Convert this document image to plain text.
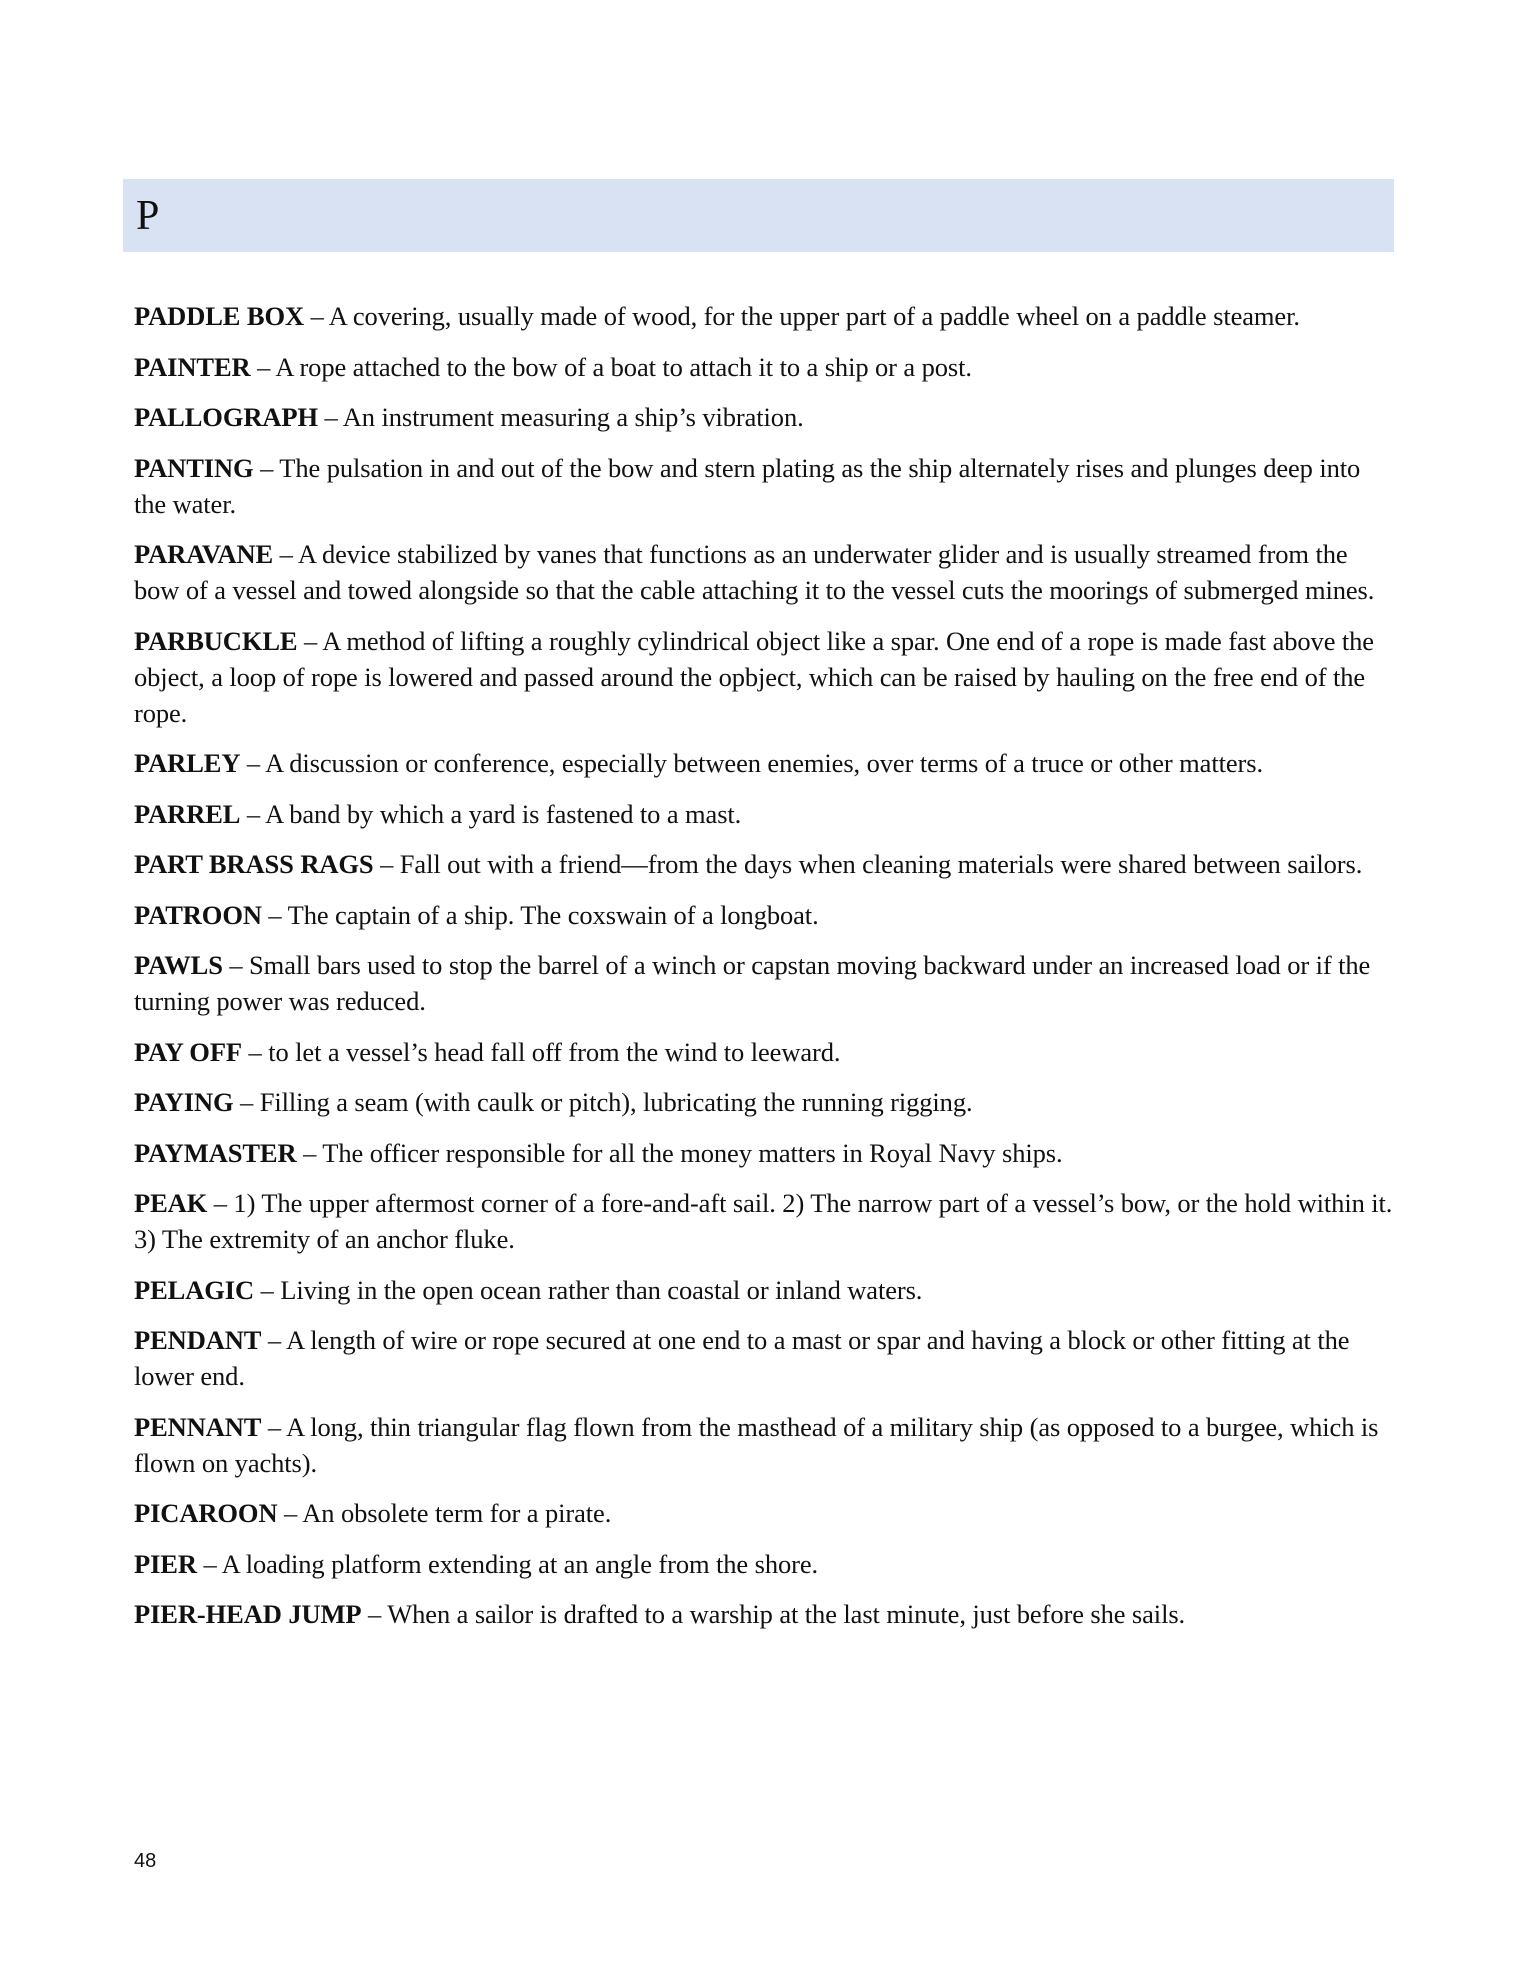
P

PADDLE BOX – A covering, usually made of wood, for the upper part of a paddle wheel on a paddle steamer.

PAINTER – A rope attached to the bow of a boat to attach it to a ship or a post.

PALLOGRAPH – An instrument measuring a ship’s vibration.

PANTING – The pulsation in and out of the bow and stern plating as the ship alternately rises and plunges deep into the water.

PARAVANE – A device stabilized by vanes that functions as an underwater glider and is usually streamed from the bow of a vessel and towed alongside so that the cable attaching it to the vessel cuts the moorings of submerged mines.

PARBUCKLE – A method of lifting a roughly cylindrical object like a spar. One end of a rope is made fast above the object, a loop of rope is lowered and passed around the opbject, which can be raised by hauling on the free end of the rope.

PARLEY – A discussion or conference, especially between enemies, over terms of a truce or other matters.

PARREL – A band by which a yard is fastened to a mast.

PART BRASS RAGS – Fall out with a friend—from the days when cleaning materials were shared between sailors.

PATROON – The captain of a ship. The coxswain of a longboat.

PAWLS – Small bars used to stop the barrel of a winch or capstan moving backward under an increased load or if the turning power was reduced.

PAY OFF – to let a vessel’s head fall off from the wind to leeward.

PAYING – Filling a seam (with caulk or pitch), lubricating the running rigging.

PAYMASTER – The officer responsible for all the money matters in Royal Navy ships.

PEAK – 1) The upper aftermost corner of a fore-and-aft sail. 2) The narrow part of a vessel’s bow, or the hold within it. 3) The extremity of an anchor fluke.

PELAGIC – Living in the open ocean rather than coastal or inland waters.

PENDANT – A length of wire or rope secured at one end to a mast or spar and having a block or other fitting at the lower end.

PENNANT – A long, thin triangular flag flown from the masthead of a military ship (as opposed to a burgee, which is flown on yachts).

PICAROON – An obsolete term for a pirate.

PIER – A loading platform extending at an angle from the shore.

PIER-HEAD JUMP – When a sailor is drafted to a warship at the last minute, just before she sails.

48
